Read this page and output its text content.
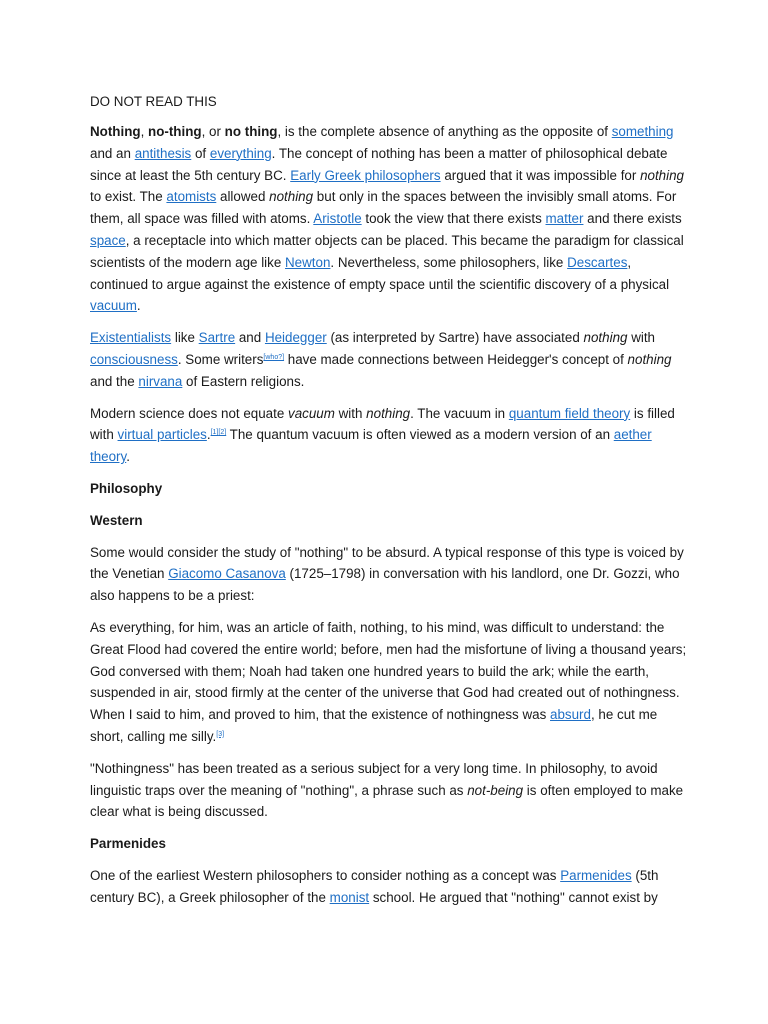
DO NOT READ THIS

Nothing, no-thing, or no thing, is the complete absence of anything as the opposite of something and an antithesis of everything. The concept of nothing has been a matter of philosophical debate since at least the 5th century BC. Early Greek philosophers argued that it was impossible for nothing to exist. The atomists allowed nothing but only in the spaces between the invisibly small atoms. For them, all space was filled with atoms. Aristotle took the view that there exists matter and there exists space, a receptacle into which matter objects can be placed. This became the paradigm for classical scientists of the modern age like Newton. Nevertheless, some philosophers, like Descartes, continued to argue against the existence of empty space until the scientific discovery of a physical vacuum.

Existentialists like Sartre and Heidegger (as interpreted by Sartre) have associated nothing with consciousness. Some writers[who?] have made connections between Heidegger's concept of nothing and the nirvana of Eastern religions.

Modern science does not equate vacuum with nothing. The vacuum in quantum field theory is filled with virtual particles.[1][2] The quantum vacuum is often viewed as a modern version of an aether theory.

Philosophy

Western

Some would consider the study of "nothing" to be absurd. A typical response of this type is voiced by the Venetian Giacomo Casanova (1725–1798) in conversation with his landlord, one Dr. Gozzi, who also happens to be a priest:

As everything, for him, was an article of faith, nothing, to his mind, was difficult to understand: the Great Flood had covered the entire world; before, men had the misfortune of living a thousand years; God conversed with them; Noah had taken one hundred years to build the ark; while the earth, suspended in air, stood firmly at the center of the universe that God had created out of nothingness. When I said to him, and proved to him, that the existence of nothingness was absurd, he cut me short, calling me silly.[3]

"Nothingness" has been treated as a serious subject for a very long time. In philosophy, to avoid linguistic traps over the meaning of "nothing", a phrase such as not-being is often employed to make clear what is being discussed.

Parmenides

One of the earliest Western philosophers to consider nothing as a concept was Parmenides (5th century BC), a Greek philosopher of the monist school. He argued that "nothing" cannot exist by
